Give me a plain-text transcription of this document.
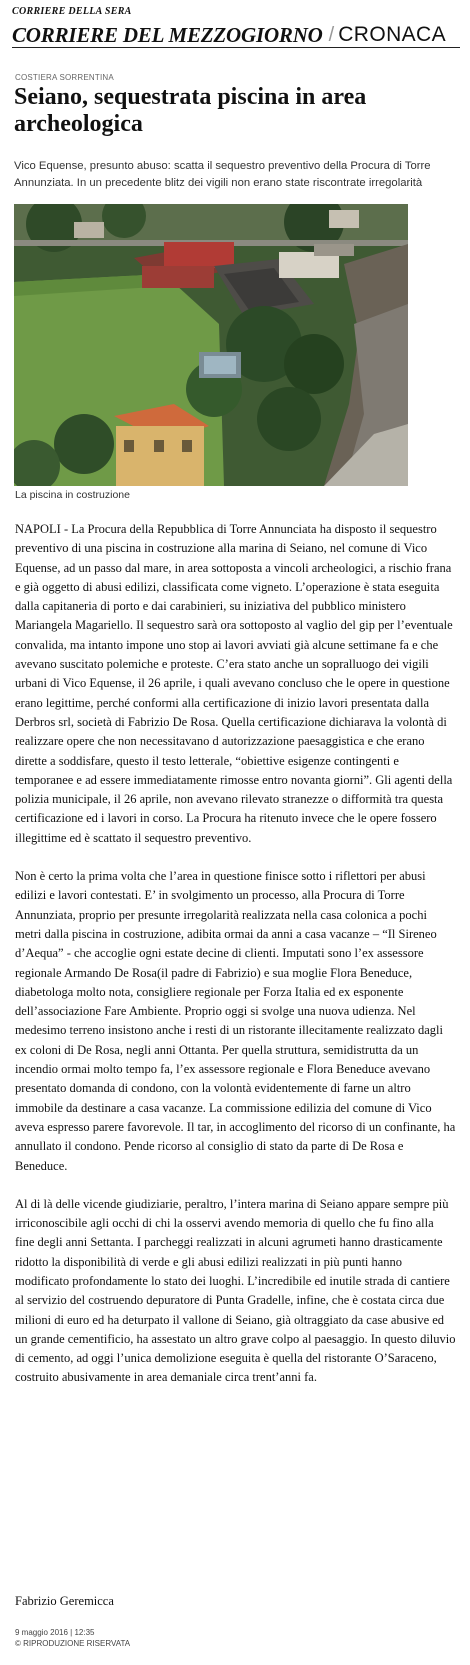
CORRIERE DELLA SERA
CORRIERE DEL MEZZOGIORNO / CRONACA
COSTIERA SORRENTINA
Seiano, sequestrata piscina in area archeologica

Vico Equense, presunto abuso: scatta il sequestro preventivo della Procura di Torre Annunziata. In un precedente blitz dei vigili non erano state riscontrate irregolarità

La piscina in costruzione

NAPOLI - La Procura della Repubblica di Torre Annunciata ha disposto il sequestro preventivo di una piscina in costruzione alla marina di Seiano, nel comune di Vico Equense, ad un passo dal mare, in area sottoposta a vincoli archeologici, a rischio frana e già oggetto di abusi edilizi, classificata come vigneto. L’operazione è stata eseguita dalla capitaneria di porto e dai carabinieri, su iniziativa del pubblico ministero Mariangela Magariello. Il sequestro sarà ora sottoposto al vaglio del gip per l’eventuale convalida, ma intanto impone uno stop ai lavori avviati già alcune settimane fa e che avevano suscitato polemiche e proteste. C’era stato anche un sopralluogo dei vigili urbani di Vico Equense, il 26 aprile, i quali avevano concluso che le opere in questione erano legittime, perché conformi alla certificazione di inizio lavori presentata dalla Derbros srl, società di Fabrizio De Rosa. Quella certificazione dichiarava la volontà di realizzare opere che non necessitavano d autorizzazione paesaggistica e che erano dirette a soddisfare, questo il testo letterale, “obiettive esigenze contingenti e temporanee e ad essere immediatamente rimosse entro novanta giorni”. Gli agenti della polizia municipale, il 26 aprile, non avevano rilevato stranezze o difformità tra questa certificazione ed i lavori in corso. La Procura ha ritenuto invece che le opere fossero illegittime ed è scattato il sequestro preventivo.

Non è certo la prima volta che l’area in questione finisce sotto i riflettori per abusi edilizi e lavori contestati. E’ in svolgimento un processo, alla Procura di Torre Annunziata, proprio per presunte irregolarità realizzata nella casa colonica a pochi metri dalla piscina in costruzione, adibita ormai da anni a casa vacanze – “Il Sireneo d’Aequa” - che accoglie ogni estate decine di clienti. Imputati sono l’ex assessore regionale Armando De Rosa(il padre di Fabrizio) e sua moglie Flora Beneduce, diabetologa molto nota, consigliere regionale per Forza Italia ed ex esponente dell’associazione Fare Ambiente. Proprio oggi si svolge una nuova udienza. Nel medesimo terreno insistono anche i resti di un ristorante illecitamente realizzato dagli ex coloni di De Rosa, negli anni Ottanta. Per quella struttura, semidistrutta da un incendio ormai molto tempo fa, l’ex assessore regionale e Flora Beneduce avevano presentato domanda di condono, con la volontà evidentemente di farne un altro immobile da destinare a casa vacanze. La commissione edilizia del comune di Vico aveva espresso parere favorevole. Il tar, in accoglimento del ricorso di un confinante, ha annullato il condono. Pende ricorso al consiglio di stato da parte di De Rosa e Beneduce.

Al di là delle vicende giudiziarie, peraltro, l’intera marina di Seiano appare sempre più irriconoscibile agli occhi di chi la osservi avendo memoria di quello che fu fino alla fine degli anni Settanta. I parcheggi realizzati in alcuni agrumeti hanno drasticamente ridotto la disponibilità di verde e gli abusi edilizi realizzati in più punti hanno modificato profondamente lo stato dei luoghi. L’incredibile ed inutile strada di cantiere al servizio del costruendo depuratore di Punta Gradelle, infine, che è costata circa due milioni di euro ed ha deturpato il vallone di Seiano, già oltraggiato da case abusive ed un grande cementificio, ha assestato un altro grave colpo al paesaggio. In questo diluvio di cemento, ad oggi l’unica demolizione eseguita è quella del ristorante O’Saraceno, costruito abusivamente in area demaniale circa trent’anni fa.

Fabrizio Geremicca
9 maggio 2016 | 12:35
© RIPRODUZIONE RISERVATA
